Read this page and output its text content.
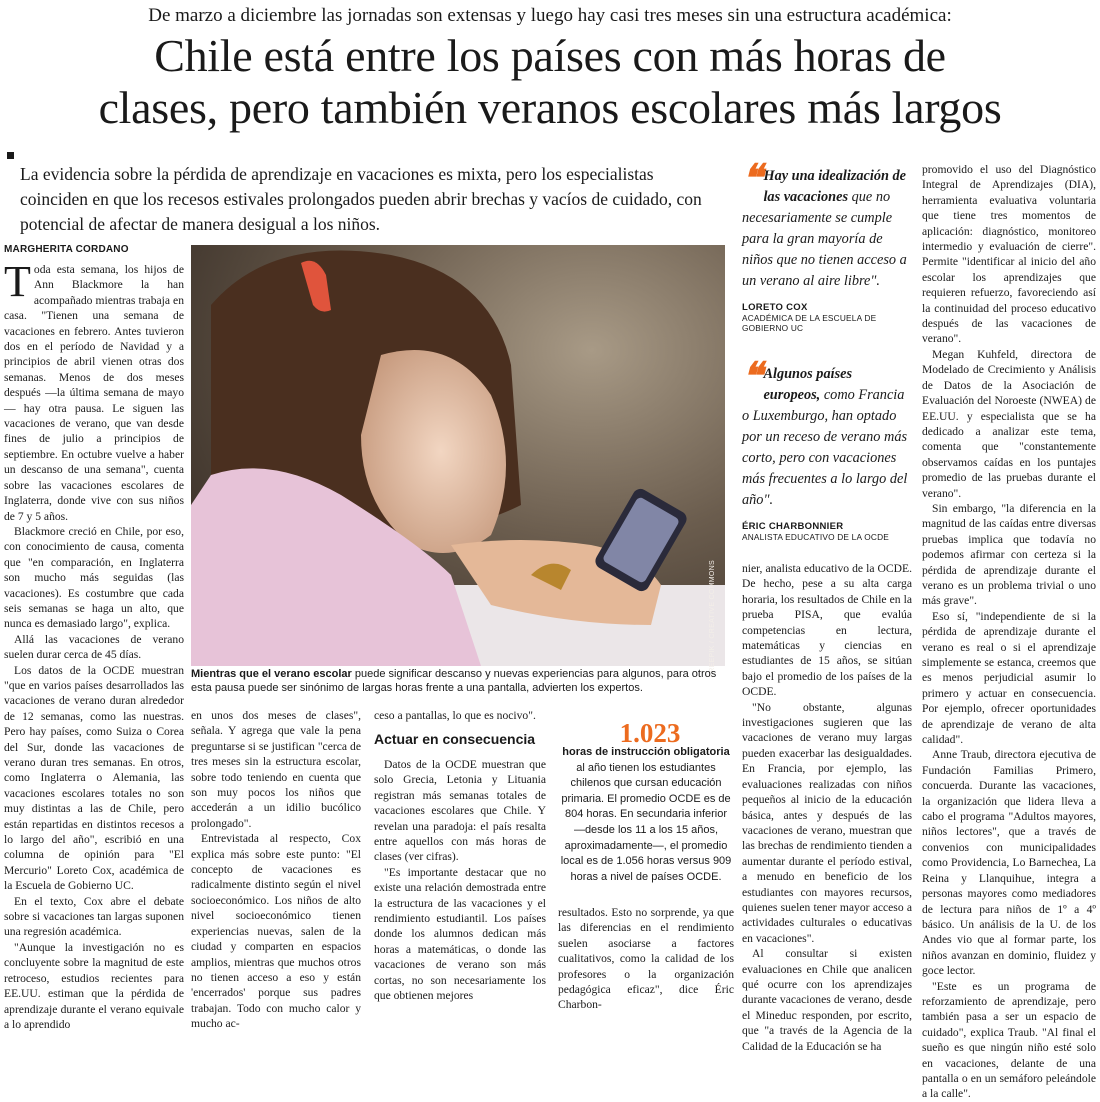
De marzo a diciembre las jornadas son extensas y luego hay casi tres meses sin una estructura académica:
Chile está entre los países con más horas de
clases, pero también veranos escolares más largos
La evidencia sobre la pérdida de aprendizaje en vacaciones es mixta, pero los especialistas coinciden en que los recesos estivales prolongados pueden abrir brechas y vacíos de cuidado, con potencial de afectar de manera desigual a los niños.
MARGHERITA CORDANO

Toda esta semana, los hijos de Ann Blackmore la han acompañado mientras trabaja en casa. "Tienen una semana de vacaciones en febrero. Antes tuvieron dos en el período de Navidad y a principios de abril vienen otras dos semanas. Menos de dos meses después —la última semana de mayo— hay otra pausa. Le siguen las vacaciones de verano, que van desde fines de julio a principios de septiembre. En octubre vuelve a haber un descanso de una semana", cuenta sobre las vacaciones escolares de Inglaterra, donde vive con sus niños de 7 y 5 años.

Blackmore creció en Chile, por eso, con conocimiento de causa, comenta que "en comparación, en Inglaterra son mucho más seguidas (las vacaciones). Es costumbre que cada seis semanas se haga un alto, que nunca es demasiado largo", explica.

Allá las vacaciones de verano suelen durar cerca de 45 días.

Los datos de la OCDE muestran "que en varios países desarrollados las vacaciones de verano duran alrededor de 12 semanas, como las nuestras. Pero hay países, como Suiza o Corea del Sur, donde las vacaciones de verano duran tres semanas. En otros, como Inglaterra o Alemania, las vacaciones escolares totales no son muy distintas a las de Chile, pero están repartidas en distintos recesos a lo largo del año", escribió en una columna de opinión para "El Mercurio" Loreto Cox, académica de la Escuela de Gobierno UC.

En el texto, Cox abre el debate sobre si vacaciones tan largas suponen una regresión académica.

"Aunque la investigación no es concluyente sobre la magnitud de este retroceso, estudios recientes para EE.UU. estiman que la pérdida de aprendizaje durante el verano equivale a lo aprendido

FREEPIK / CREATIVE COMMONS
Mientras que el verano escolar puede significar descanso y nuevas experiencias para algunos, para otros esta pausa puede ser sinónimo de largas horas frente a una pantalla, advierten los expertos.

en unos dos meses de clases", señala. Y agrega que vale la pena preguntarse si se justifican "cerca de tres meses sin la estructura escolar, sobre todo teniendo en cuenta que son muy pocos los niños que accederán a un idilio bucólico prolongado".

Entrevistada al respecto, Cox explica más sobre este punto: "El concepto de vacaciones es radicalmente distinto según el nivel socioeconómico. Los niños de alto nivel socioeconómico tienen experiencias nuevas, salen de la ciudad y comparten en espacios amplios, mientras que muchos otros no tienen acceso a eso y están 'encerrados' porque sus padres trabajan. Todo con mucho calor y mucho ac-

ceso a pantallas, lo que es nocivo".

Actuar en consecuencia

Datos de la OCDE muestran que solo Grecia, Letonia y Lituania registran más semanas totales de vacaciones escolares que Chile. Y revelan una paradoja: el país resalta entre aquellos con más horas de clases (ver cifras).

"Es importante destacar que no existe una relación demostrada entre la estructura de las vacaciones y el rendimiento estudiantil. Los países donde los alumnos dedican más horas a matemáticas, o donde las vacaciones de verano son más cortas, no son necesariamente los que obtienen mejores

1.023
horas de instrucción obligatoria al año tienen los estudiantes chilenos que cursan educación primaria. El promedio OCDE es de 804 horas. En secundaria inferior —desde los 11 a los 15 años, aproximadamente—, el promedio local es de 1.056 horas versus 909 horas a nivel de países OCDE.

resultados. Esto no sorprende, ya que las diferencias en el rendimiento suelen asociarse a factores cualitativos, como la calidad de los profesores o la organización pedagógica eficaz", dice Éric Charbon-

❝ Hay una idealización de las vacaciones que no necesariamente se cumple para la gran mayoría de niños que no tienen acceso a un verano al aire libre".
LORETO COX
ACADÉMICA DE LA ESCUELA DE GOBIERNO UC
❝ Algunos países europeos, como Francia o Luxemburgo, han optado por un receso de verano más corto, pero con vacaciones más frecuentes a lo largo del año".
ÉRIC CHARBONNIER
ANALISTA EDUCATIVO DE LA OCDE

nier, analista educativo de la OCDE. De hecho, pese a su alta carga horaria, los resultados de Chile en la prueba PISA, que evalúa competencias en lectura, matemáticas y ciencias en estudiantes de 15 años, se sitúan bajo el promedio de los países de la OCDE.

"No obstante, algunas investigaciones sugieren que las vacaciones de verano muy largas pueden exacerbar las desigualdades. En Francia, por ejemplo, las evaluaciones realizadas con niños pequeños al inicio de la educación básica, antes y después de las vacaciones de verano, muestran que las brechas de rendimiento tienden a aumentar durante el período estival, a menudo en beneficio de los estudiantes con mayores recursos, quienes suelen tener mayor acceso a actividades culturales o educativas en vacaciones".

Al consultar si existen evaluaciones en Chile que analicen qué ocurre con los aprendizajes durante vacaciones de verano, desde el Mineduc responden, por escrito, que "a través de la Agencia de la Calidad de la Educación se ha

promovido el uso del Diagnóstico Integral de Aprendizajes (DIA), herramienta evaluativa voluntaria que tiene tres momentos de aplicación: diagnóstico, monitoreo intermedio y evaluación de cierre". Permite "identificar al inicio del año escolar los aprendizajes que requieren refuerzo, favoreciendo así la continuidad del proceso educativo después de las vacaciones de verano".

Megan Kuhfeld, directora de Modelado de Crecimiento y Análisis de Datos de la Asociación de Evaluación del Noroeste (NWEA) de EE.UU. y especialista que se ha dedicado a analizar este tema, comenta que "constantemente observamos caídas en los puntajes promedio de las pruebas durante el verano".

Sin embargo, "la diferencia en la magnitud de las caídas entre diversas pruebas implica que todavía no podemos afirmar con certeza si la pérdida de aprendizaje durante el verano es un problema trivial o uno más grave".

Eso sí, "independiente de si la pérdida de aprendizaje durante el verano es real o si el aprendizaje simplemente se estanca, creemos que es menos perjudicial asumir lo primero y actuar en consecuencia. Por ejemplo, ofrecer oportunidades de aprendizaje de verano de alta calidad".

Anne Traub, directora ejecutiva de Fundación Familias Primero, concuerda. Durante las vacaciones, la organización que lidera lleva a cabo el programa "Adultos mayores, niños lectores", que a través de convenios con municipalidades como Providencia, Lo Barnechea, La Reina y Llanquihue, integra a personas mayores como mediadores de lectura para niños de 1º a 4º básico. Un análisis de la U. de los Andes vio que al formar parte, los niños avanzan en dominio, fluidez y goce lector.

"Este es un programa de reforzamiento de aprendizaje, pero también pasa a ser un espacio de cuidado", explica Traub. "Al final el sueño es que ningún niño esté solo en vacaciones, delante de una pantalla o en un semáforo peleándole a la calle".
